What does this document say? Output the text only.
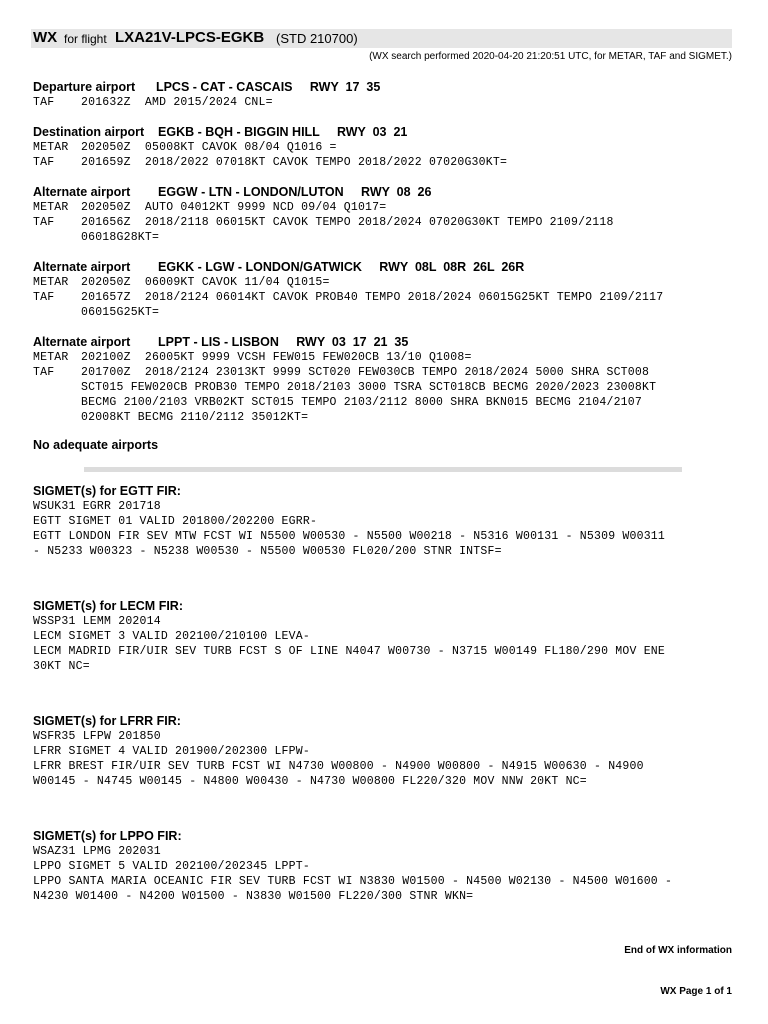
WX for flight LXA21V-LPCS-EGKB (STD 210700)
(WX search performed 2020-04-20 21:20:51 UTC, for METAR, TAF and SIGMET.)
Departure airport      LPCS - CAT - CASCAIS     RWY  17  35
TAF	201632Z  AMD 2015/2024 CNL=
Destination airport    EGKB - BQH - BIGGIN HILL     RWY  03  21
METAR	202050Z  05008KT CAVOK 08/04 Q1016 =
TAF	201659Z  2018/2022 07018KT CAVOK TEMPO 2018/2022 07020G30KT=
Alternate airport        EGGW - LTN - LONDON/LUTON     RWY  08  26
METAR	202050Z  AUTO 04012KT 9999 NCD 09/04 Q1017=
TAF	201656Z  2018/2118 06015KT CAVOK TEMPO 2018/2024 07020G30KT TEMPO 2109/2118
06018G28KT=
Alternate airport        EGKK - LGW - LONDON/GATWICK     RWY  08L  08R  26L  26R
METAR	202050Z  06009KT CAVOK 11/04 Q1015=
TAF	201657Z  2018/2124 06014KT CAVOK PROB40 TEMPO 2018/2024 06015G25KT TEMPO 2109/2117
06015G25KT=
Alternate airport        LPPT - LIS - LISBON     RWY  03  17  21  35
METAR	202100Z  26005KT 9999 VCSH FEW015 FEW020CB 13/10 Q1008=
TAF	201700Z  2018/2124 23013KT 9999 SCT020 FEW030CB TEMPO 2018/2024 5000 SHRA SCT008
SCT015 FEW020CB PROB30 TEMPO 2018/2103 3000 TSRA SCT018CB BECMG 2020/2023 23008KT
BECMG 2100/2103 VRB02KT SCT015 TEMPO 2103/2112 8000 SHRA BKN015 BECMG 2104/2107
02008KT BECMG 2110/2112 35012KT=
No adequate airports
SIGMET(s) for EGTT FIR:
WSUK31 EGRR 201718
EGTT SIGMET 01 VALID 201800/202200 EGRR-
EGTT LONDON FIR SEV MTW FCST WI N5500 W00530 - N5500 W00218 - N5316 W00131 - N5309 W00311
- N5233 W00323 - N5238 W00530 - N5500 W00530 FL020/200 STNR INTSF=
SIGMET(s) for LECM FIR:
WSSP31 LEMM 202014
LECM SIGMET 3 VALID 202100/210100 LEVA-
LECM MADRID FIR/UIR SEV TURB FCST S OF LINE N4047 W00730 - N3715 W00149 FL180/290 MOV ENE
30KT NC=
SIGMET(s) for LFRR FIR:
WSFR35 LFPW 201850
LFRR SIGMET 4 VALID 201900/202300 LFPW-
LFRR BREST FIR/UIR SEV TURB FCST WI N4730 W00800 - N4900 W00800 - N4915 W00630 - N4900
W00145 - N4745 W00145 - N4800 W00430 - N4730 W00800 FL220/320 MOV NNW 20KT NC=
SIGMET(s) for LPPO FIR:
WSAZ31 LPMG 202031
LPPO SIGMET 5 VALID 202100/202345 LPPT-
LPPO SANTA MARIA OCEANIC FIR SEV TURB FCST WI N3830 W01500 - N4500 W02130 - N4500 W01600 -
N4230 W01400 - N4200 W01500 - N3830 W01500 FL220/300 STNR WKN=
End of WX information
WX Page 1 of 1
